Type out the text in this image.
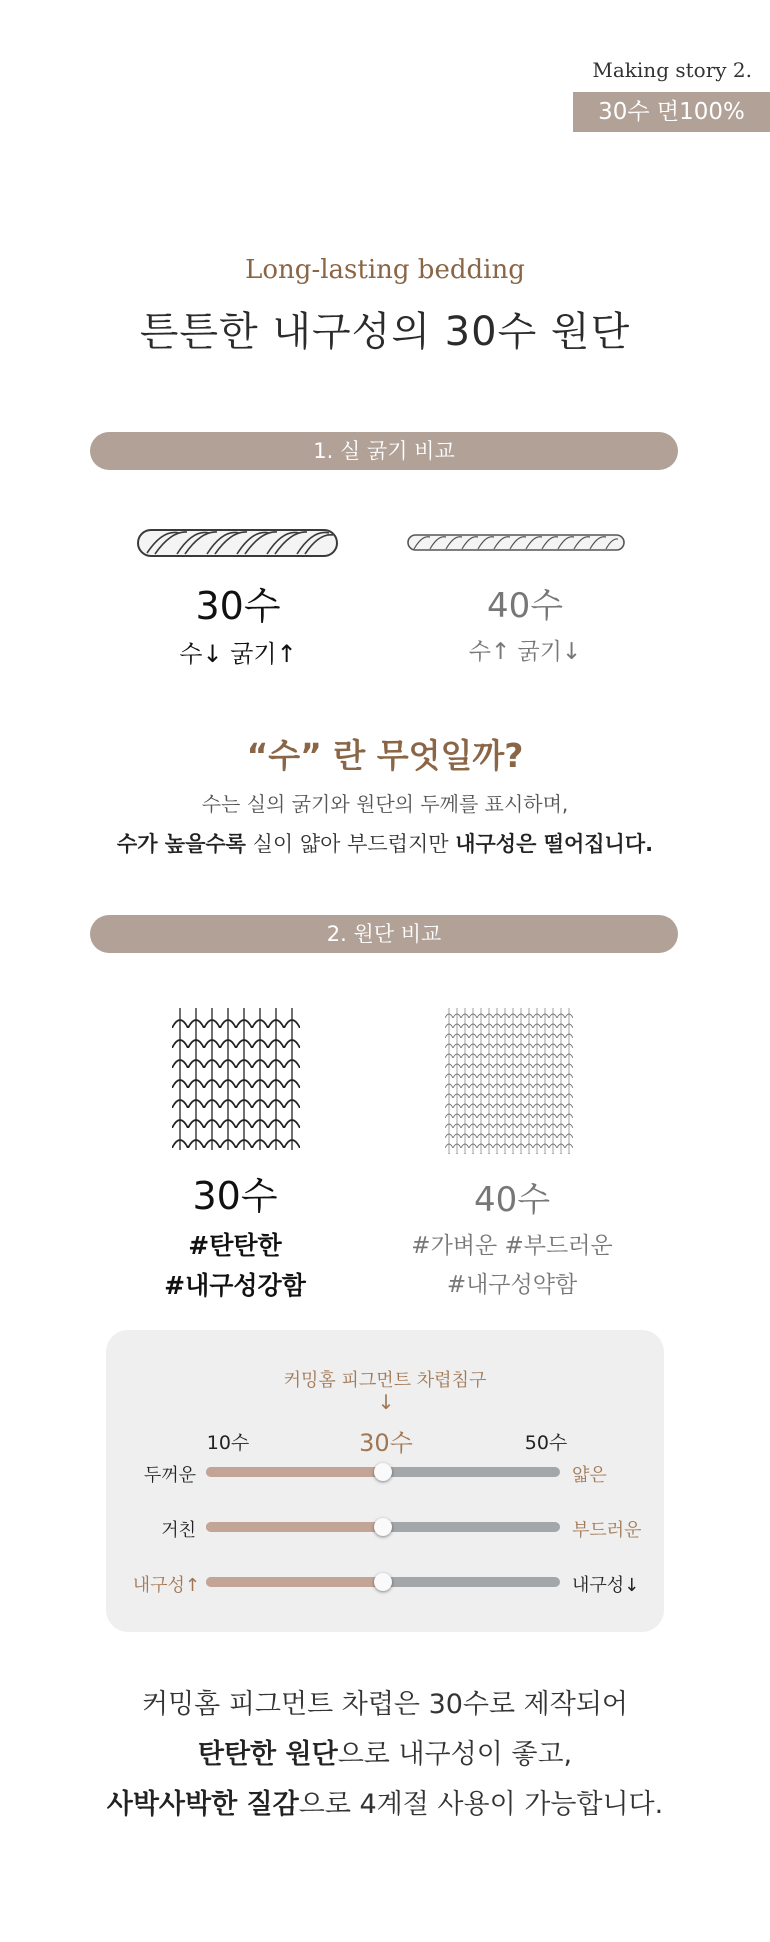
Making story 2.
30수 면100%
Long-lasting bedding
튼튼한 내구성의 30수 원단
1. 실 굵기 비교
30수
수↓ 굵기↑
40수
수↑ 굵기↓
“수” 란 무엇일까?
수는 실의 굵기와 원단의 두께를 표시하며,
수가 높을수록 실이 얇아 부드럽지만 내구성은 떨어집니다.
2. 원단 비교
30수
#탄탄한
#내구성강함
40수
#가벼운 #부드러운
#내구성약함
커밍홈 피그먼트 차렵침구
↓
10수	30수	50수
두꺼운	얇은
거친	부드러운
내구성↑	내구성↓
커밍홈 피그먼트 차렵은 30수로 제작되어
탄탄한 원단으로 내구성이 좋고,
사박사박한 질감으로 4계절 사용이 가능합니다.
